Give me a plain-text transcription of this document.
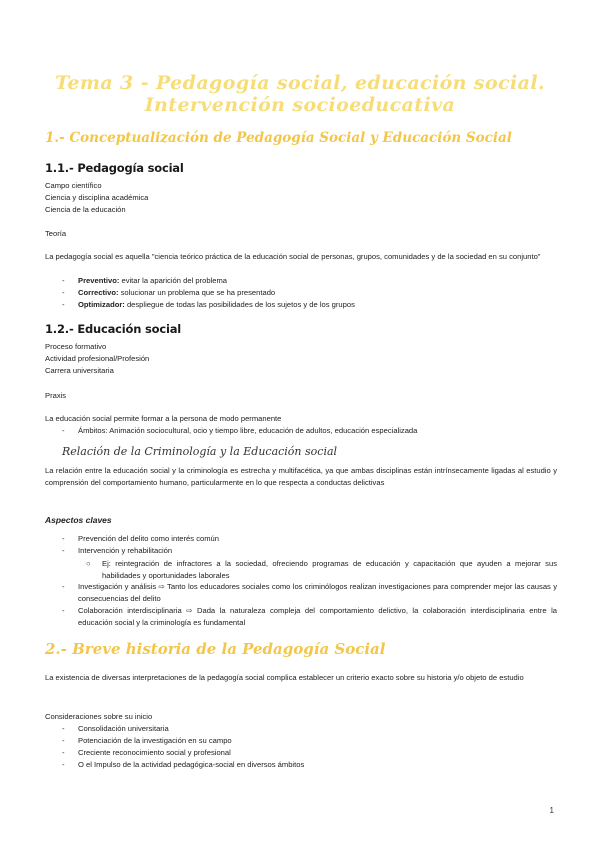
Tema 3 - Pedagogía social, educación social.
Intervención socioeducativa
1.- Conceptualización de Pedagogía Social y Educación Social
1.1.- Pedagogía social
Campo científico
Ciencia y disciplina académica
Ciencia de la educación
Teoría
La pedagogía social es aquella "ciencia teórico práctica de la educación social de personas, grupos, comunidades y de la sociedad en su conjunto"
- Preventivo: evitar la aparición del problema
- Correctivo: solucionar un problema que se ha presentado
- Optimizador: despliegue de todas las posibilidades de los sujetos y de los grupos
1.2.- Educación social
Proceso formativo
Actividad profesional/Profesión
Carrera universitaria
Praxis
La educación social permite formar a la persona de modo permanente
- Ámbitos: Animación sociocultural, ocio y tiempo libre, educación de adultos, educación especializada
Relación de la Criminología y la Educación social
La relación entre la educación social y la criminología es estrecha y multifacética, ya que ambas disciplinas están intrínsecamente ligadas al estudio y comprensión del comportamiento humano, particularmente en lo que respecta a conductas delictivas
Aspectos claves
- Prevención del delito como interés común
- Intervención y rehabilitación
○ Ej: reintegración de infractores a la sociedad, ofreciendo programas de educación y capacitación que ayuden a mejorar sus habilidades y oportunidades laborales
- Investigación y análisis ⇨ Tanto los educadores sociales como los criminólogos realizan investigaciones para comprender mejor las causas y consecuencias del delito
- Colaboración interdisciplinaria ⇨ Dada la naturaleza compleja del comportamiento delictivo, la colaboración interdisciplinaria entre la educación social y la criminología es fundamental
2.- Breve historia de la Pedagogía Social
La existencia de diversas interpretaciones de la pedagogía social complica establecer un criterio exacto sobre su historia y/o objeto de estudio
Consideraciones sobre su inicio
- Consolidación universitaria
- Potenciación de la investigación en su campo
- Creciente reconocimiento social y profesional
- O el Impulso de la actividad pedagógica-social en diversos ámbitos
1
